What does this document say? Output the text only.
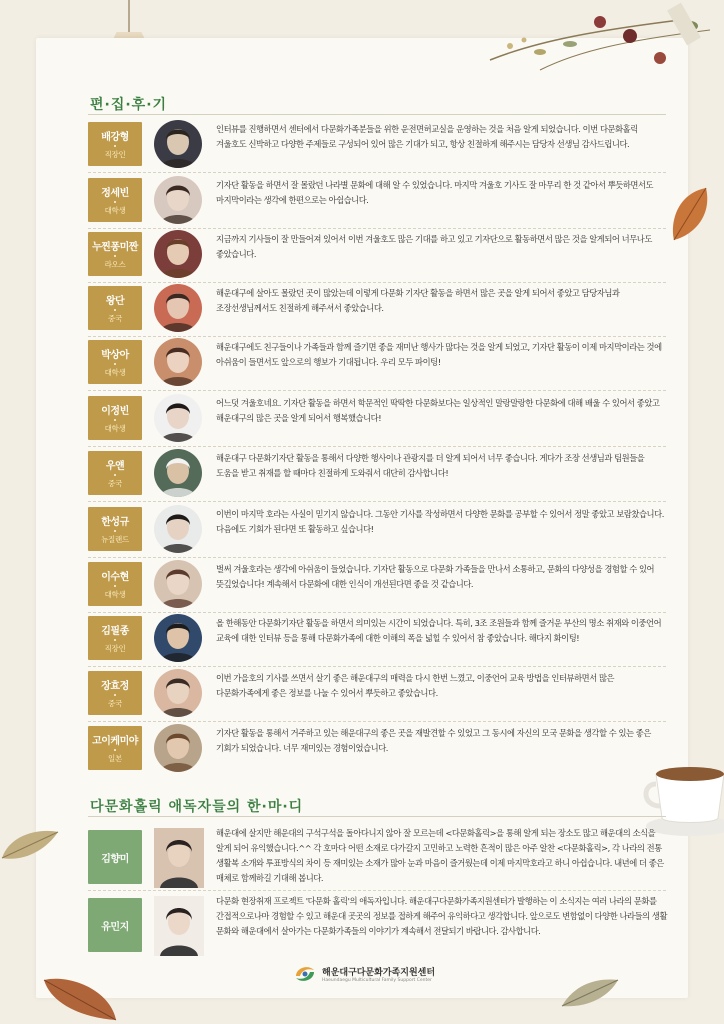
편·집·후·기
배강형
직장인
인터뷰를 진행하면서 센터에서 다문화가족분들을 위한 운전면허교실을 운영하는 것을 처음 알게 되었습니다. 이번 다문화홀릭 겨울호도 신박하고 다양한 주제들로 구성되어 있어 많은 기대가 되고, 항상 친절하게 해주시는 담당자 선생님 감사드립니다.
정세빈
대학생
기자단 활동을 하면서 잘 몰랐던 나라별 문화에 대해 알 수 있었습니다. 마지막 겨울호 기사도 잘 마무리 한 것 같아서 뿌듯하면서도 마지막이라는 생각에 한편으로는 아쉽습니다.
누찐퐁미짠
라오스
지금까지 기사들이 잘 만들어져 있어서 이번 겨울호도 많은 기대를 하고 있고 기자단으로 활동하면서 많은 것을 알게되어 너무나도 좋았습니다.
왕단
중국
해운대구에 살아도 몰랐던 곳이 많았는데 이렇게 다문화 기자단 활동을 하면서 많은 곳을 알게 되어서 좋았고 담당자님과 조장선생님께서도 친절하게 해주셔서 좋았습니다.
박상아
대학생
해운대구에도 친구들이나 가족들과 함께 즐기면 좋을 재미난 행사가 많다는 것을 알게 되었고, 기자단 활동이 이제 마지막이라는 것에 아쉬움이 들면서도 앞으로의 행보가 기대됩니다. 우리 모두 파이팅!
이정빈
대학생
어느덧 겨울호네요. 기자단 활동을 하면서 학문적인 딱딱한 다문화보다는 일상적인 말랑말랑한 다문화에 대해 배울 수 있어서 좋았고 해운대구의 많은 곳을 알게 되어서 행복했습니다!
우얜
중국
해운대구 다문화기자단 활동을 통해서 다양한 행사이나 관광지를 더 알게 되어서 너무 좋습니다. 게다가 조장 선생님과 팀원들을 도움을 받고 취재를 할 때마다 친절하게 도와줘서 대단히 감사합니다!
한성규
뉴질랜드
이번이 마지막 호라는 사실이 믿기지 않습니다. 그동안 기사를 작성하면서 다양한 문화를 공부할 수 있어서 정말 좋았고 보람찼습니다. 다음에도 기회가 된다면 또 활동하고 싶습니다!
이수현
대학생
벌써 겨울호라는 생각에 아쉬움이 들었습니다. 기자단 활동으로 다문화 가족들을 만나서 소통하고, 문화의 다양성을 경험할 수 있어 뜻깊었습니다! 계속해서 다문화에 대한 인식이 개선된다면 좋을 것 같습니다.
김필종
직장인
올 한해동안 다문화기자단 활동을 하면서 의미있는 시간이 되었습니다. 특히, 3조 조원들과 함께 즐거운 부산의 명소 취재와 이중언어 교육에 대한 인터뷰 등을 통해 다문화가족에 대한 이해의 폭을 넓힐 수 있어서 참 좋았습니다. 해다지 화이팅!
장효정
중국
이번 가을호의 기사를 쓰면서 살기 좋은 해운대구의 매력을 다시 한번 느꼈고, 이중언어 교육 방법을 인터뷰하면서 많은 다문화가족에게 좋은 정보를 나눌 수 있어서 뿌듯하고 좋았습니다.
고이케미야
일본
기자단 활동을 통해서 거주하고 있는 해운대구의 좋은 곳을 재발견할 수 있었고 그 동시에 자신의 모국 문화을 생각할 수 있는 좋은 기회가 되었습니다. 너무 재미있는 경험이었습니다.
다문화홀릭 애독자들의 한·마·디
김향미
해운대에 살지만 해운대의 구석구석을 돌아다니지 않아 잘 모르는데 <다문화홀릭>을 통해 알게 되는 장소도 많고 해운대의 소식을 알게 되어 유익했습니다.^^ 각 호마다 어떤 소재로 다가갈지 고민하고 노력한 흔적이 많은 아주 알찬 <다문화홀릭>, 각 나라의 전통 생활복 소개와 투표방식의 차이 등 재미있는 소재가 많아 눈과 마음이 즐거웠는데 이제 마지막호라고 하니 아쉽습니다. 내년에 더 좋은 매체로 함께하길 기대해 봅니다.
유민지
다문화 현장취재 프로젝트 '다문화 홀릭'의 애독자입니다. 해운대구다문화가족지원센터가 발행하는 이 소식지는 여러 나라의 문화를 간접적으로나마 경험할 수 있고 해운대 곳곳의 정보를 접하게 해주어 유익하다고 생각합니다. 앞으로도 변함없이 다양한 나라들의 생활 문화와 해운대에서 살아가는 다문화가족들의 이야기가 계속해서 전달되기 바랍니다. 감사합니다.
해운대구다문화가족지원센터
Haeundaegu Multicultural Family Support Center
